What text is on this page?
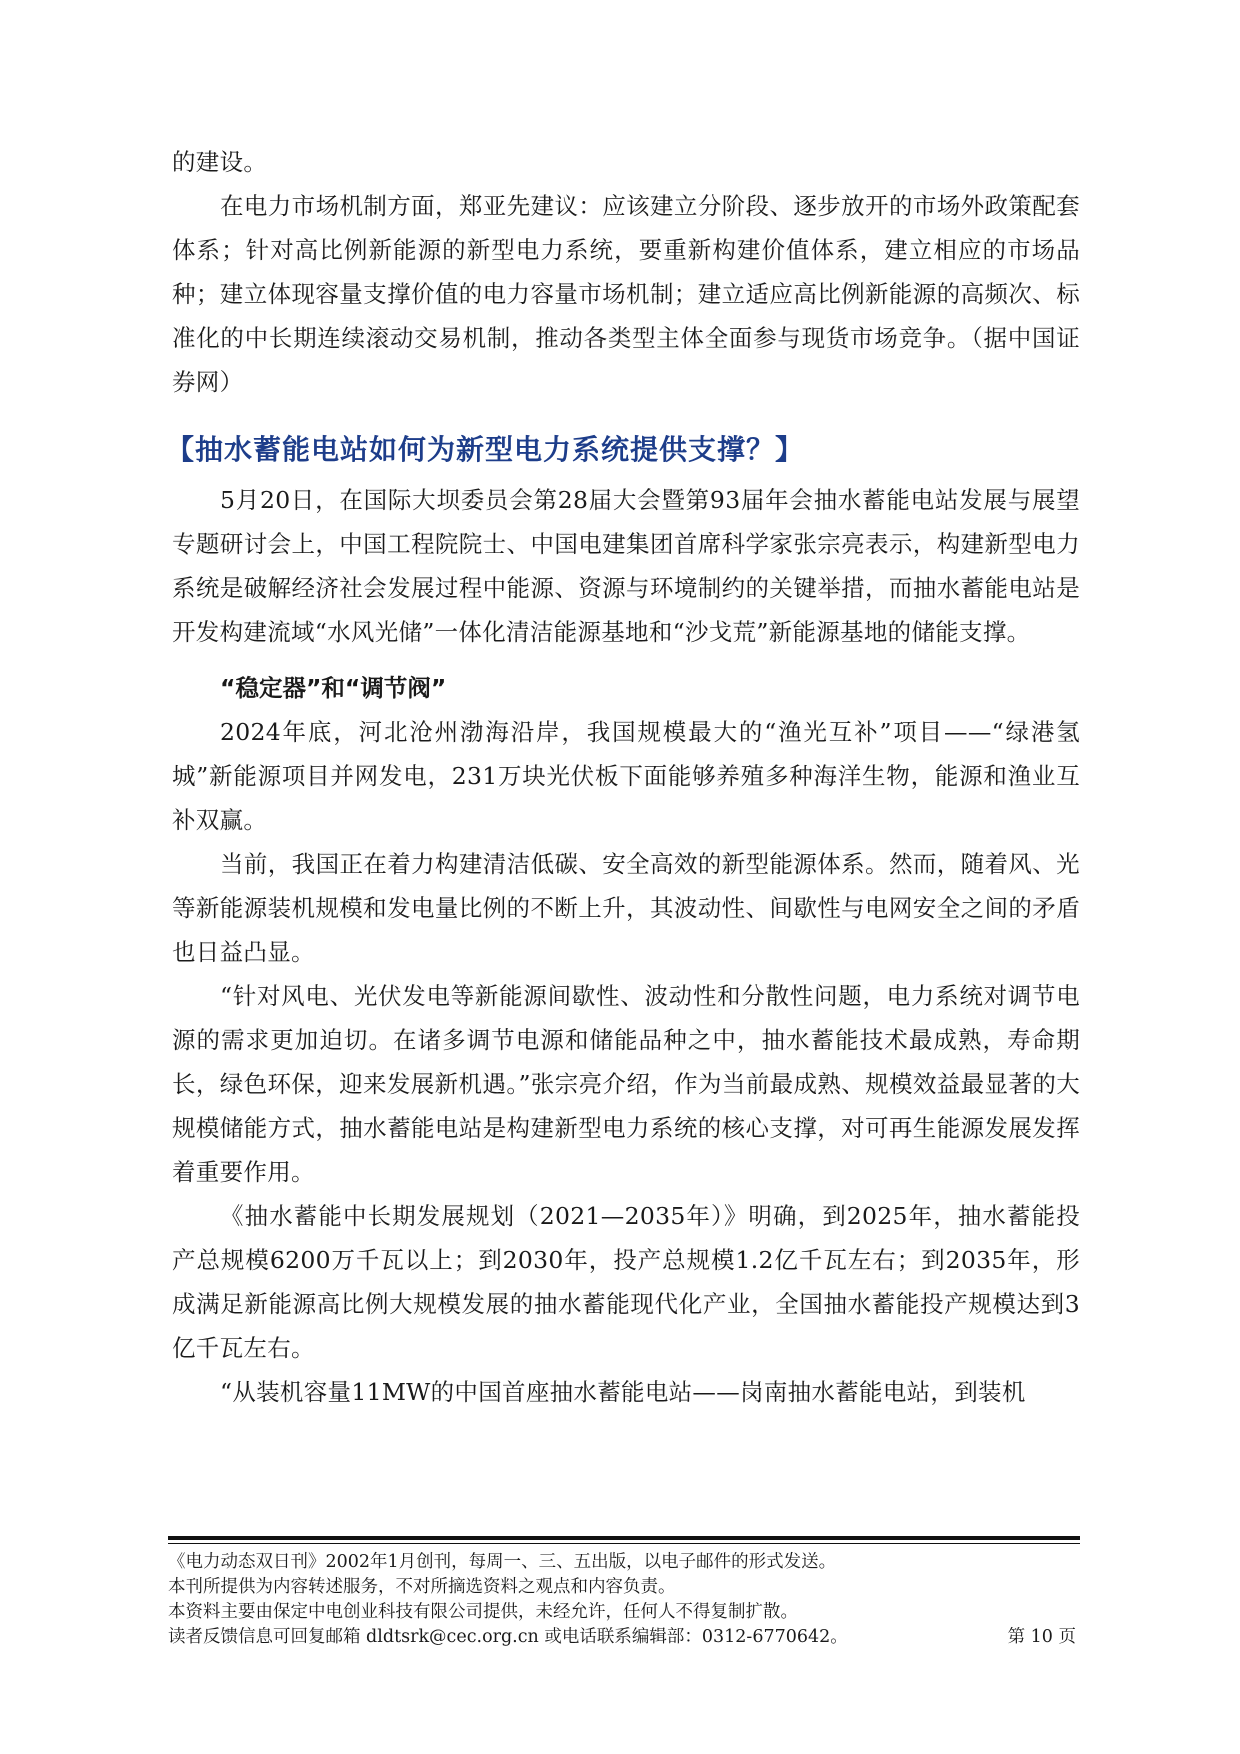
的建设。

在电力市场机制方面，郑亚先建议：应该建立分阶段、逐步放开的市场外政策配套体系；针对高比例新能源的新型电力系统，要重新构建价值体系，建立相应的市场品种；建立体现容量支撑价值的电力容量市场机制；建立适应高比例新能源的高频次、标准化的中长期连续滚动交易机制，推动各类型主体全面参与现货市场竞争。（据中国证券网）

【抽水蓄能电站如何为新型电力系统提供支撑？】

5月20日，在国际大坝委员会第28届大会暨第93届年会抽水蓄能电站发展与展望专题研讨会上，中国工程院院士、中国电建集团首席科学家张宗亮表示，构建新型电力系统是破解经济社会发展过程中能源、资源与环境制约的关键举措，而抽水蓄能电站是开发构建流域“水风光储”一体化清洁能源基地和“沙戈荒”新能源基地的储能支撑。

“稳定器”和“调节阀”

2024年底，河北沧州渤海沿岸，我国规模最大的“渔光互补”项目——“绿港氢城”新能源项目并网发电，231万块光伏板下面能够养殖多种海洋生物，能源和渔业互补双赢。

当前，我国正在着力构建清洁低碳、安全高效的新型能源体系。然而，随着风、光等新能源装机规模和发电量比例的不断上升，其波动性、间歇性与电网安全之间的矛盾也日益凸显。

“针对风电、光伏发电等新能源间歇性、波动性和分散性问题，电力系统对调节电源的需求更加迫切。在诸多调节电源和储能品种之中，抽水蓄能技术最成熟，寿命期长，绿色环保，迎来发展新机遇。”张宗亮介绍，作为当前最成熟、规模效益最显著的大规模储能方式，抽水蓄能电站是构建新型电力系统的核心支撑，对可再生能源发展发挥着重要作用。

《抽水蓄能中长期发展规划（2021—2035年）》明确，到2025年，抽水蓄能投产总规模6200万千瓦以上；到2030年，投产总规模1.2亿千瓦左右；到2035年，形成满足新能源高比例大规模发展的抽水蓄能现代化产业，全国抽水蓄能投产规模达到3亿千瓦左右。

“从装机容量11MW的中国首座抽水蓄能电站——岗南抽水蓄能电站，到装机

《电力动态双日刊》2002年1月创刊，每周一、三、五出版，以电子邮件的形式发送。

本刊所提供为内容转述服务，不对所摘选资料之观点和内容负责。

本资料主要由保定中电创业科技有限公司提供，未经允许，任何人不得复制扩散。

读者反馈信息可回复邮箱 dldtsrk@cec.org.cn 或电话联系编辑部：0312-6770642。	第 10 页
